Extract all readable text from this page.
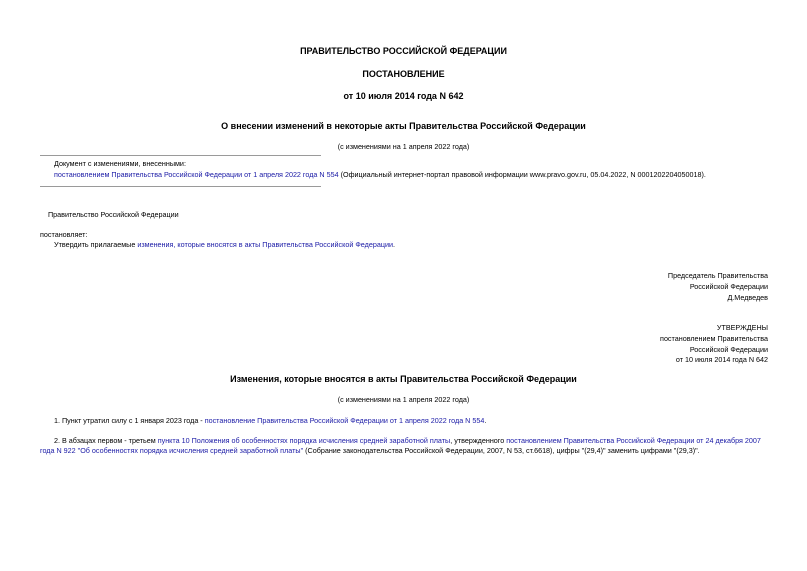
ПРАВИТЕЛЬСТВО РОССИЙСКОЙ ФЕДЕРАЦИИ
ПОСТАНОВЛЕНИЕ
от 10 июля 2014 года N 642
О внесении изменений в некоторые акты Правительства Российской Федерации
(с изменениями на 1 апреля 2022 года)
Документ с изменениями, внесенными:
постановлением Правительства Российской Федерации от 1 апреля 2022 года N 554 (Официальный интернет-портал правовой информации www.pravo.gov.ru, 05.04.2022, N 0001202204050018).
Правительство Российской Федерации
постановляет:
Утвердить прилагаемые изменения, которые вносятся в акты Правительства Российской Федерации.
Председатель Правительства
Российской Федерации
Д.Медведев
УТВЕРЖДЕНЫ
постановлением Правительства
Российской Федерации
от 10 июля 2014 года N 642
Изменения, которые вносятся в акты Правительства Российской Федерации
(с изменениями на 1 апреля 2022 года)
1. Пункт утратил силу с 1 января 2023 года - постановление Правительства Российской Федерации от 1 апреля 2022 года N 554.
2. В абзацах первом - третьем пункта 10 Положения об особенностях порядка исчисления средней заработной платы, утвержденного постановлением Правительства Российской Федерации от 24 декабря 2007
года N 922 "Об особенностях порядка исчисления средней заработной платы" (Собрание законодательства Российской Федерации, 2007, N 53, ст.6618), цифры "(29,4)" заменить цифрами "(29,3)".
